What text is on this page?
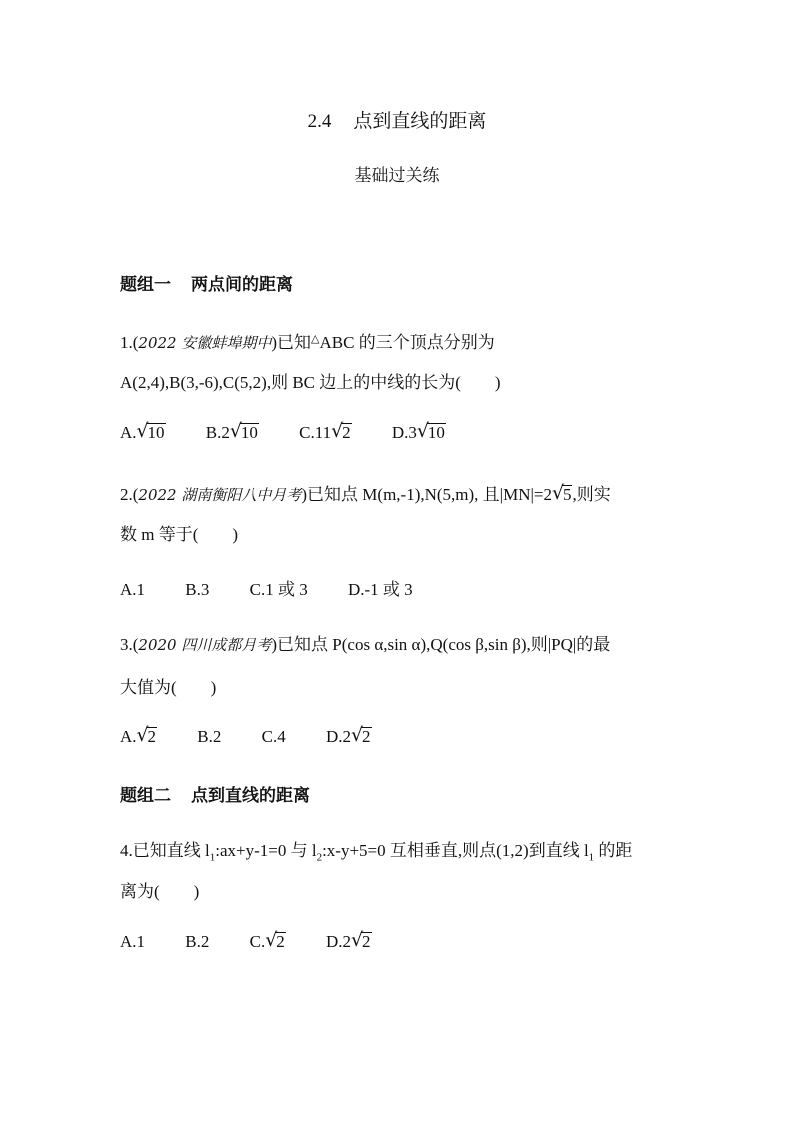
2.4 点到直线的距离
基础过关练
题组一 两点间的距离
1.(2022 安徽蚌埠期中)已知△ABC 的三个顶点分别为
A(2,4),B(3,-6),C(5,2),则 BC 边上的中线的长为(　　)
A. √
10 B.2 √
10 C.11 √
2 D.3 √
10
2.(2022 湖南衡阳八中月考)已知点 M(m,-1),N(5,m), 且|MN|=2 √
5,则实
数 m 等于(　　)
A.1 B.3 C.1 或 3 D.-1 或 3
3.(2020 四川成都月考)已知点 P(cos α,sin α),Q(cos β,sin β),则|PQ|的最
大值为(　　)
A. √
2 B.2 C.4 D.2 √
2
题组二 点到直线的距离
4.已知直线 $l_1:ax+y-1=0$ 与 $l_2:x-y+5=0$ 互相垂直,则点(1,2)到直线 $l_1$ 的距
离为(　　)
A.1 B.2 C. √
2 D.2 √
2
